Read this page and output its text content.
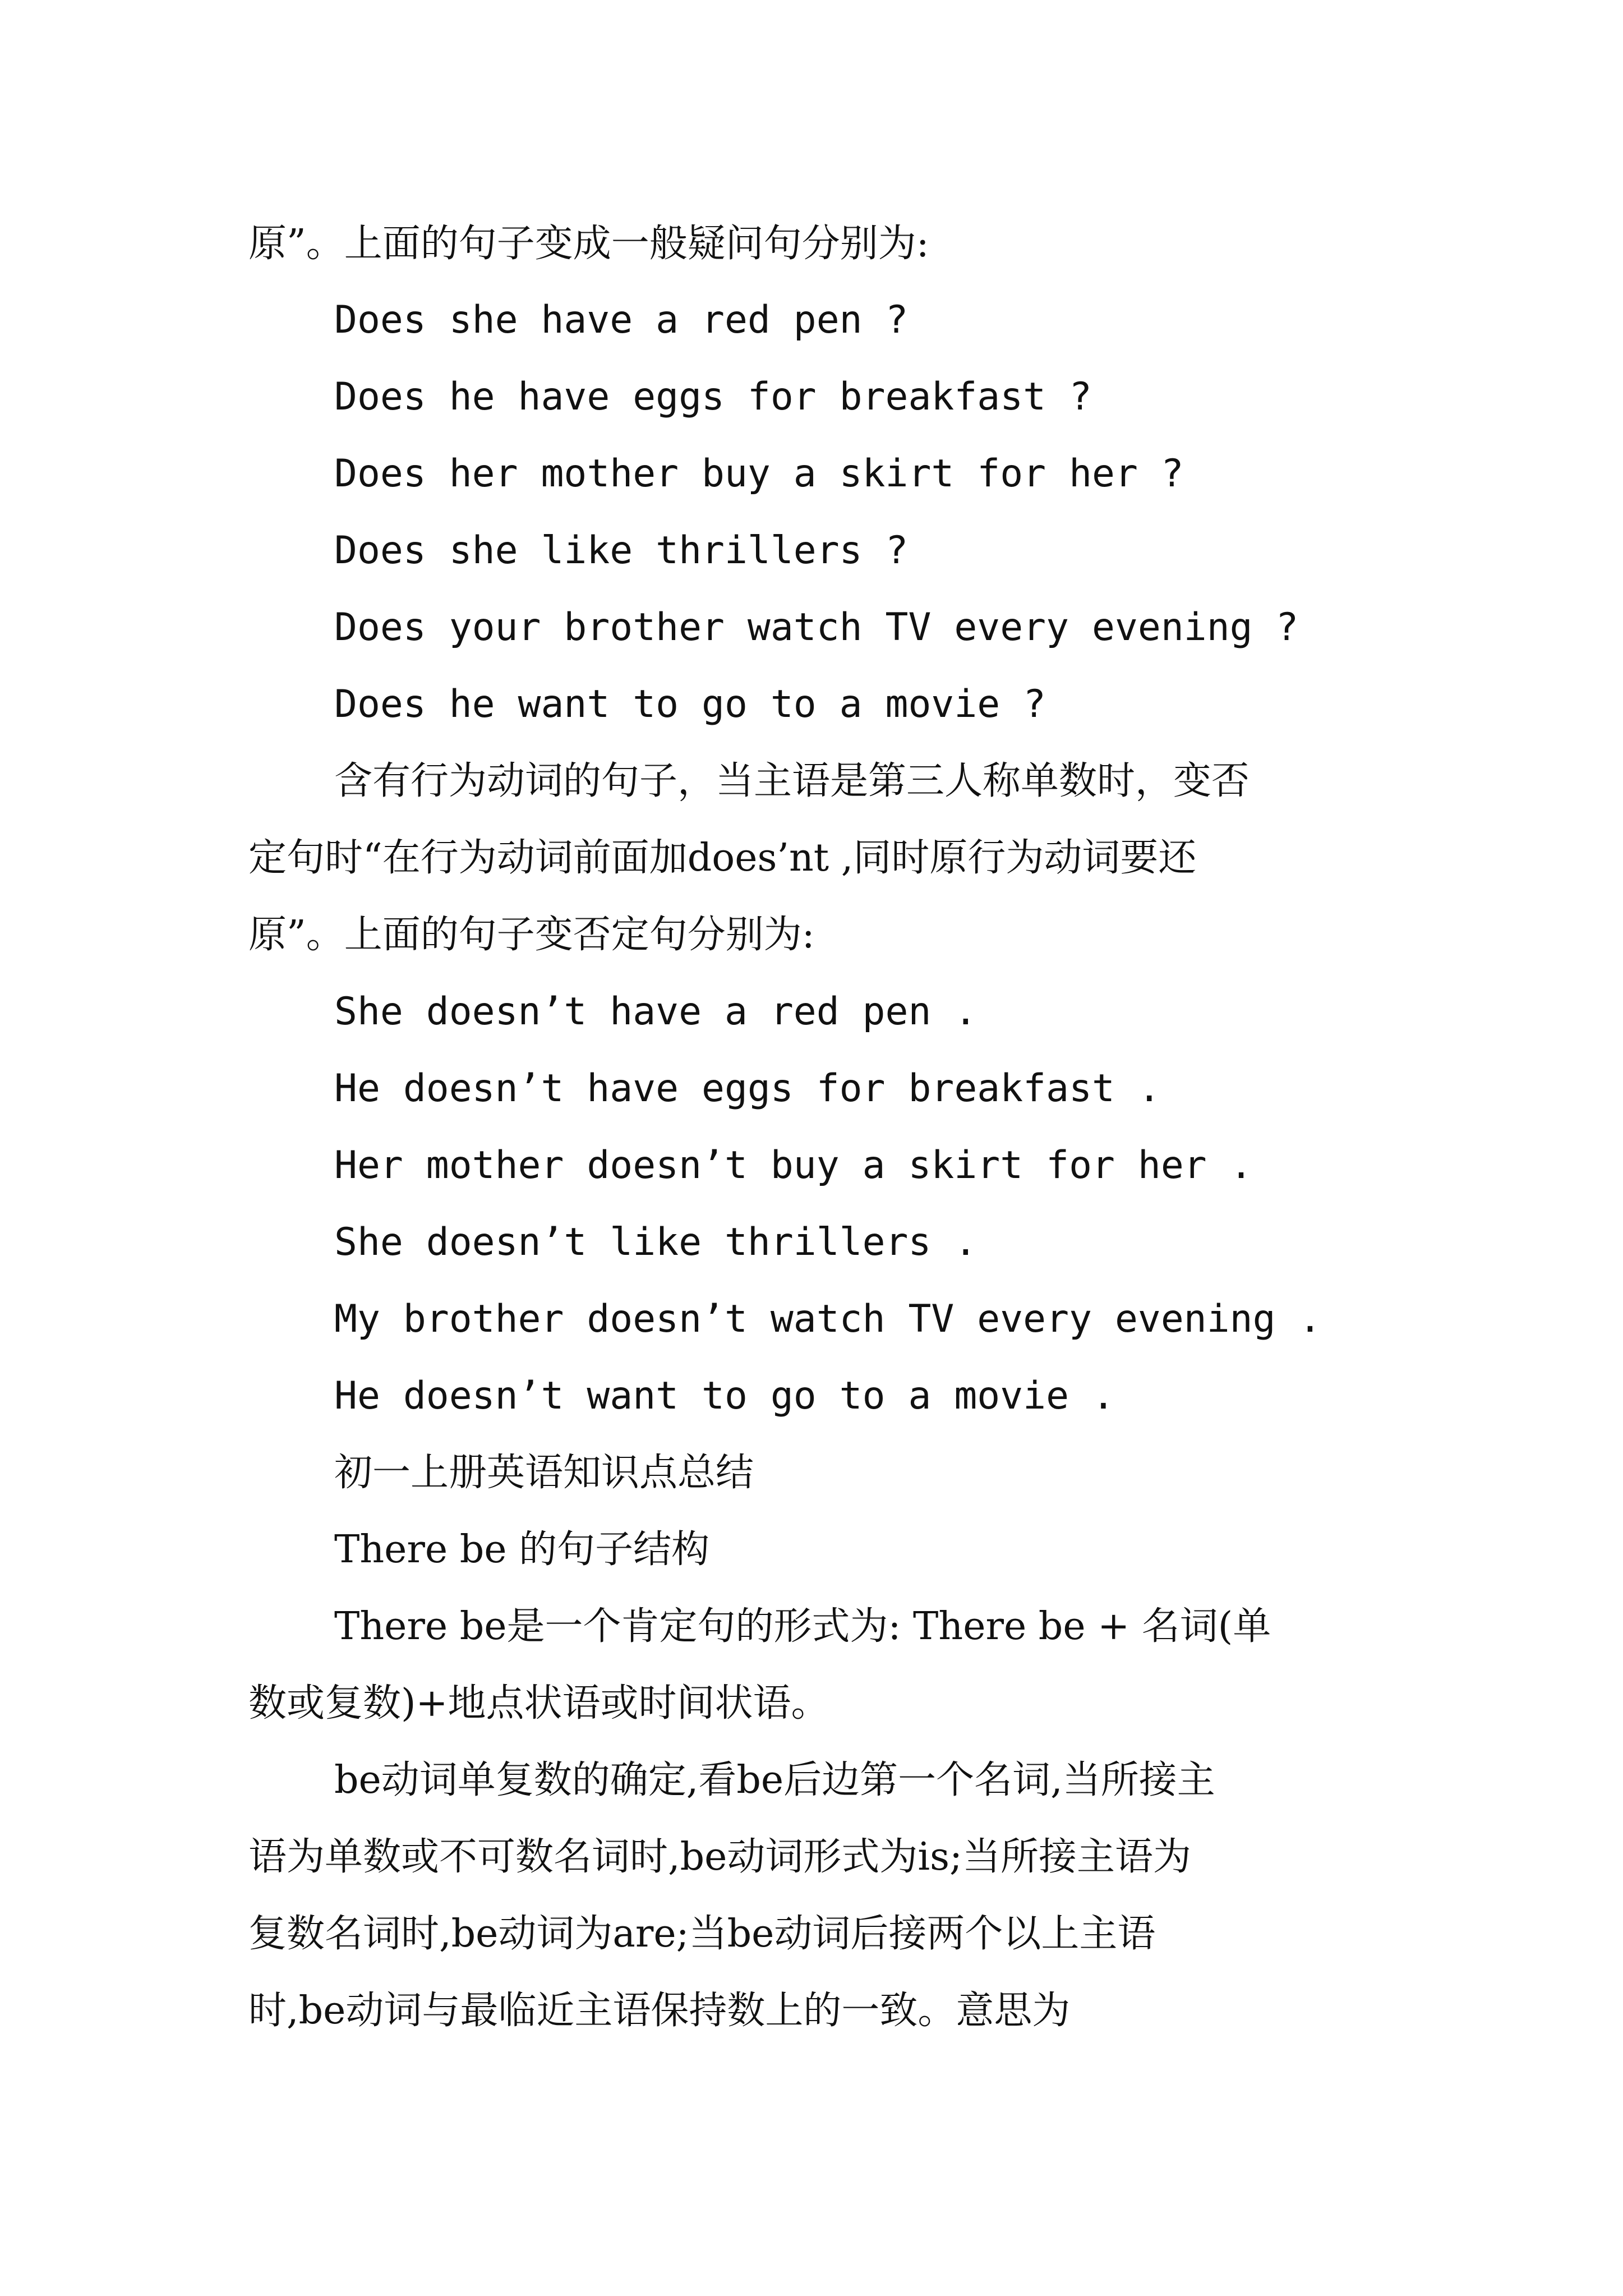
原”。上面的句子变成一般疑问句分别为:
Does she have a red pen ?
Does he have eggs for breakfast ?
Does her mother buy a skirt for her ?
Does she like thrillers ?
Does your brother watch TV every evening ?
Does he want to go to a movie ?
含有行为动词的句子，当主语是第三人称单数时，变否
定句时“在行为动词前面加does’nt ,同时原行为动词要还
原”。上面的句子变否定句分别为:
She doesn’t have a red pen .
He doesn’t have eggs for breakfast .
Her mother doesn’t buy a skirt for her .
She doesn’t like thrillers .
My brother doesn’t watch TV every evening .
He doesn’t want to go to a movie .
初一上册英语知识点总结
There be 的句子结构
There be是一个肯定句的形式为: There be + 名词(单
数或复数)+地点状语或时间状语。
be动词单复数的确定,看be后边第一个名词,当所接主
语为单数或不可数名词时,be动词形式为is;当所接主语为
复数名词时,be动词为are;当be动词后接两个以上主语
时,be动词与最临近主语保持数上的一致。意思为
